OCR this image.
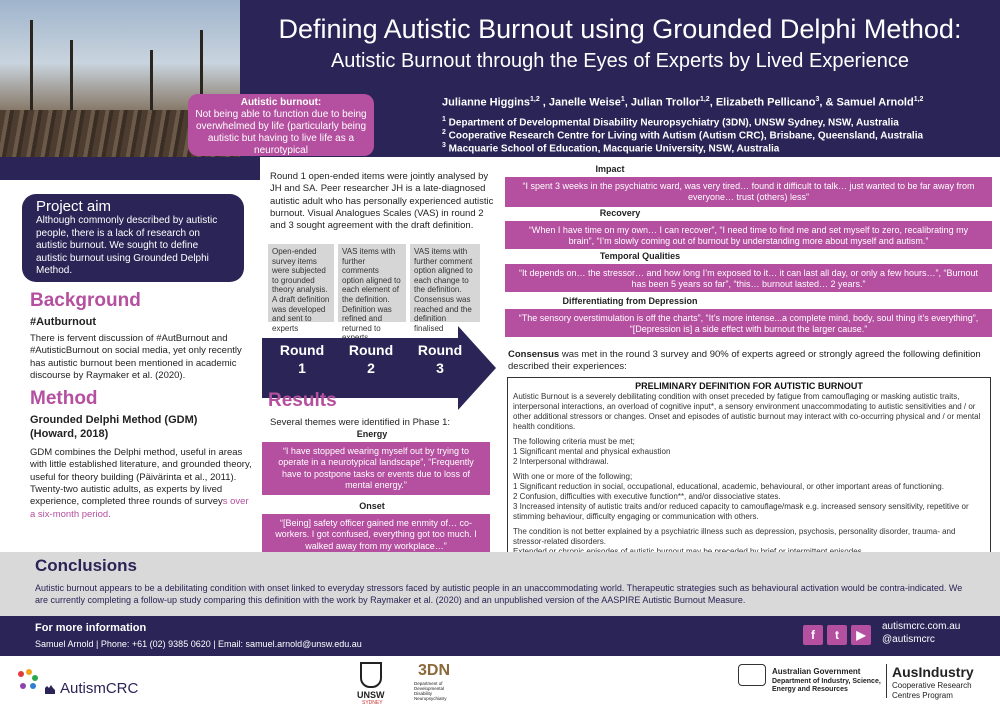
Defining Autistic Burnout using Grounded Delphi Method:
Autistic Burnout through the Eyes of Experts by Lived Experience
Julianne Higgins$^{1,2}$ , Janelle Weise$^1$, Julian Trollor$^{1,2}$, Elizabeth Pellicano$^3$, & Samuel Arnold$^{1,2}$
$^1$ Department of Developmental Disability Neuropsychiatry (3DN), UNSW Sydney, NSW, Australia
$^2$ Cooperative Research Centre for Living with Autism (Autism CRC), Brisbane, Queensland, Australia
$^3$ Macquarie School of Education, Macquarie University, NSW, Australia
Autistic burnout:
Not being able to function due to being overwhelmed by life (particularly being autistic but having to live life as a neurotypical
Project aim
Although commonly described by autistic people, there is a lack of research on autistic burnout. We sought to define autistic burnout using Grounded Delphi Method.
Background
#Autburnout
There is fervent discussion of #AutBurnout and #AutisticBurnout on social media, yet only recently has autistic burnout been mentioned in academic discourse by Raymaker et al. (2020).
Method
Grounded Delphi Method (GDM) (Howard, 2018)
GDM combines the Delphi method, useful in areas with little established literature, and grounded theory, useful for theory building (Päivärinta et al., 2011). Twenty-two autistic adults, as experts by lived experience, completed three rounds of surveys over a six-month period.
Round 1 open-ended items were jointly analysed by JH and SA. Peer researcher JH is a late-diagnosed autistic adult who has personally experienced autistic burnout. Visual Analogues Scales (VAS) in round 2 and 3 sought agreement with the draft definition.
Open-ended survey items were subjected to grounded theory analysis. A draft definition was developed and sent to experts
VAS items with further comments option aligned to each element of the definition. Definition was refined and returned to
VAS items with further comment option aligned to each change to the definition. Consensus was reached and the definition finalised
Round
1
Round
2
Round
3
Results
Several themes were identified in Phase 1:
Energy
“I have stopped wearing myself out by trying to operate in a neurotypical landscape”, “Frequently have to postpone tasks or events due to loss of mental energy.”
Onset
“[Being] safety officer gained me enmity of… co-workers. I got confused, everything got too much. I walked away from my workplace…”
Impact
“I spent 3 weeks in the psychiatric ward, was very tired… found it difficult to talk… just wanted to be far away from everyone… trust (others) less”
Recovery
“When I have time on my own… I can recover”, “I need time to find me and set myself to zero, recalibrating my brain”, “I’m slowly coming out of burnout by understanding more about myself and autism.”
Temporal Qualities
“It depends on… the stressor… and how long I’m exposed to it… it can last all day, or only a few hours…”, “Burnout has been 5 years so far”, “this… burnout lasted… 2 years.”
Differentiating from Depression
“The sensory overstimulation is off the charts”, “It’s more intense...a complete mind, body, soul thing it’s everything”, “[Depression is] a side effect with burnout the larger cause.”
Consensus was met in the round 3 survey and 90% of experts agreed or strongly agreed the following definition described their experiences:
PRELIMINARY DEFINITION FOR AUTISTIC BURNOUT
Autistic Burnout is a severely debilitating condition with onset preceded by fatigue from camouflaging or masking autistic traits, interpersonal interactions, an overload of cognitive input*, a sensory environment unaccommodating to autistic sensitivities and / or other additional stressors or changes. Onset and episodes of autistic burnout may interact with co-occurring physical and / or mental health conditions.
The following criteria must be met;
1 Significant mental and physical exhaustion
2 Interpersonal withdrawal.
With one or more of the following;
1 Significant reduction in social, occupational, educational, academic, behavioural, or other important areas of functioning.
2 Confusion, difficulties with executive function**, and/or dissociative states.
3 Increased intensity of autistic traits and/or reduced capacity to camouflage/mask e.g. increased sensory sensitivity, repetitive or stimming behaviour, difficulty engaging or communication with others.
The condition is not better explained by a psychiatric illness such as depression, psychosis, personality disorder, trauma- and stressor-related disorders.
Conclusions
Autistic burnout appears to be a debilitating condition with onset linked to everyday stressors faced by autistic people in an unaccommodating world. Therapeutic strategies such as behavioural activation would be contra-indicated. We are currently completing a follow-up study comparing this definition with the work by Raymaker et al. (2020) and an unpublished version of the AASPIRE Autistic Burnout Measure.
For more information
Samuel Arnold | Phone: +61 (02) 9385 0620 | Email: samuel.arnold@unsw.edu.au
f	t	▶
autismcrc.com.au
@autismcrc
AutismCRC	UNSW
SYDNEY
3DN
Department of Developmental Disability Neuropsychiatry
Australian Government
Department of Industry, Science, Energy and Resources
AusIndustry
Cooperative Research
Centres Program
